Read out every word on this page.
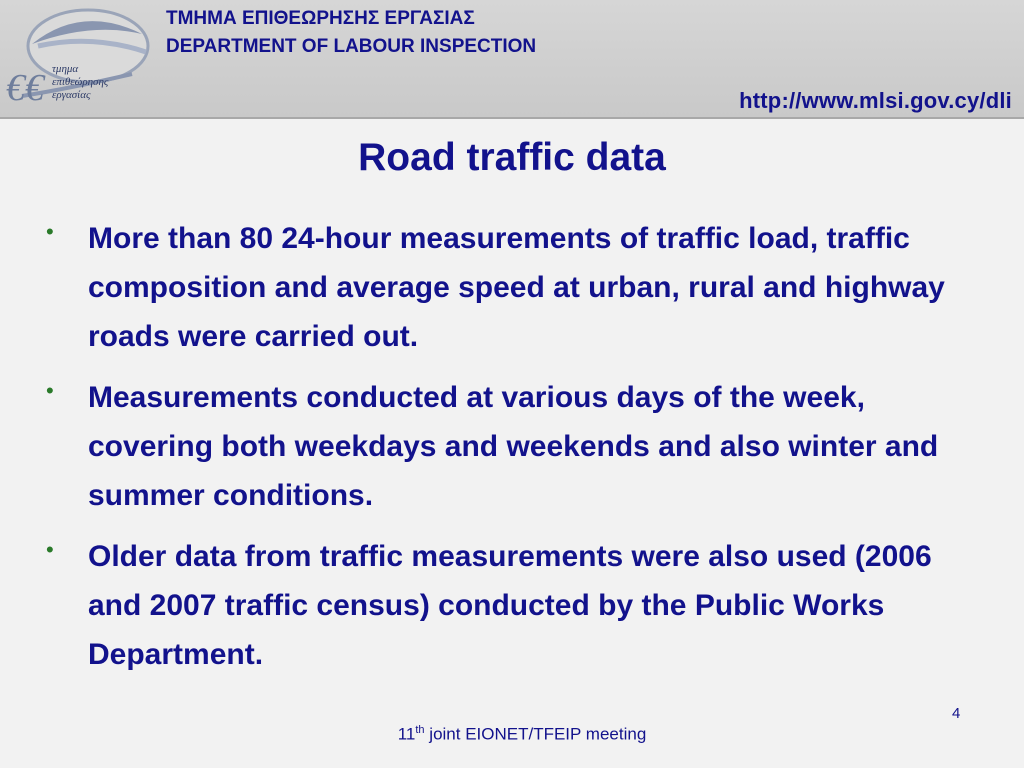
€€ τμημα
επιθεώρησης
εργασίας
ΤΜΗΜΑ ΕΠΙΘΕΩΡΗΣΗΣ ΕΡΓΑΣΙΑΣ
DEPARTMENT OF LABOUR INSPECTION
http://www.mlsi.gov.cy/dli
Road traffic data
• More than 80 24-hour measurements of traffic load, traffic composition and average speed at urban, rural and highway roads were carried out.
• Measurements conducted at various days of the week, covering both weekdays and weekends and also winter and summer conditions.
• Older data from traffic measurements were also used (2006 and 2007 traffic census) conducted by the Public Works Department.
4
11th joint EIONET/TFEIP meeting
